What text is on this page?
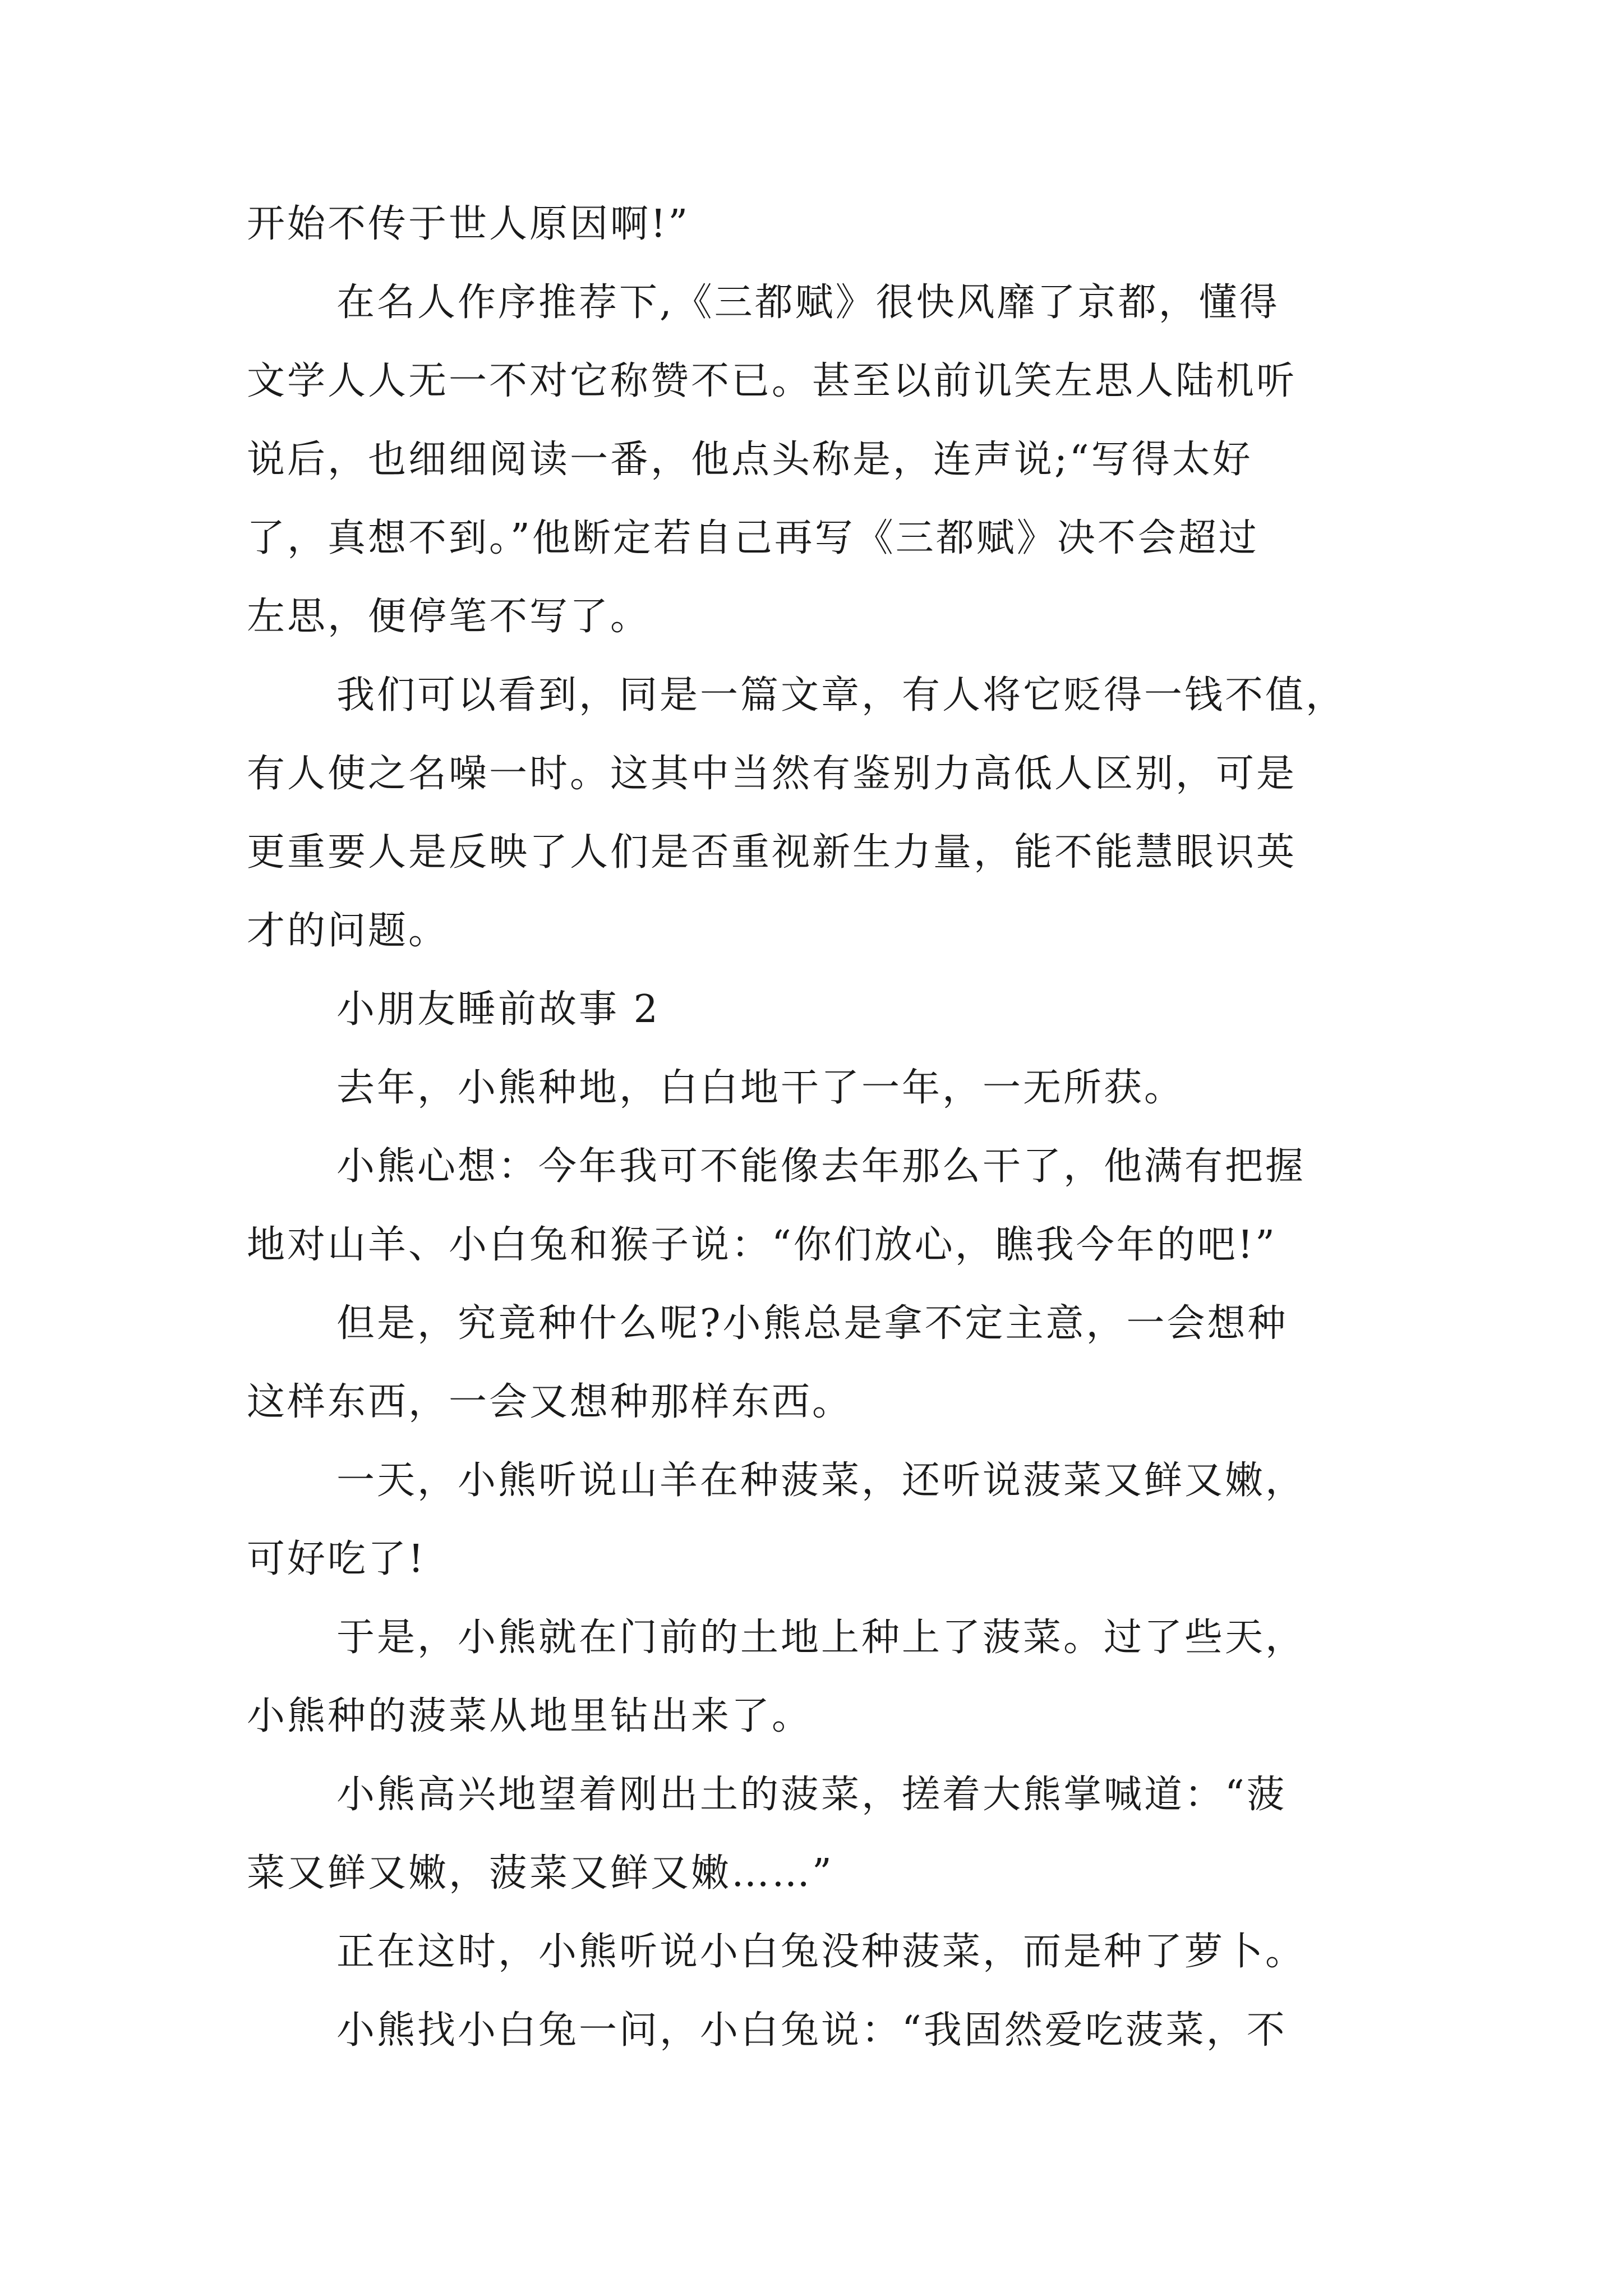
开始不传于世人原因啊!”
在名人作序推荐下,《三都赋》很快风靡了京都，懂得
文学人人无一不对它称赞不已。甚至以前讥笑左思人陆机听
说后，也细细阅读一番，他点头称是，连声说;“写得太好
了，真想不到。”他断定若自己再写《三都赋》决不会超过
左思，便停笔不写了。
我们可以看到，同是一篇文章，有人将它贬得一钱不值，
有人使之名噪一时。这其中当然有鉴别力高低人区别，可是
更重要人是反映了人们是否重视新生力量，能不能慧眼识英
才的问题。
小朋友睡前故事 2
去年，小熊种地，白白地干了一年，一无所获。
小熊心想：今年我可不能像去年那么干了，他满有把握
地对山羊、小白兔和猴子说：“你们放心，瞧我今年的吧!”
但是，究竟种什么呢?小熊总是拿不定主意，一会想种
这样东西，一会又想种那样东西。
一天，小熊听说山羊在种菠菜，还听说菠菜又鲜又嫩，
可好吃了!
于是，小熊就在门前的土地上种上了菠菜。过了些天，
小熊种的菠菜从地里钻出来了。
小熊高兴地望着刚出土的菠菜，搓着大熊掌喊道：“菠
菜又鲜又嫩，菠菜又鲜又嫩……”
正在这时，小熊听说小白兔没种菠菜，而是种了萝卜。
小熊找小白兔一问，小白兔说：“我固然爱吃菠菜，不
